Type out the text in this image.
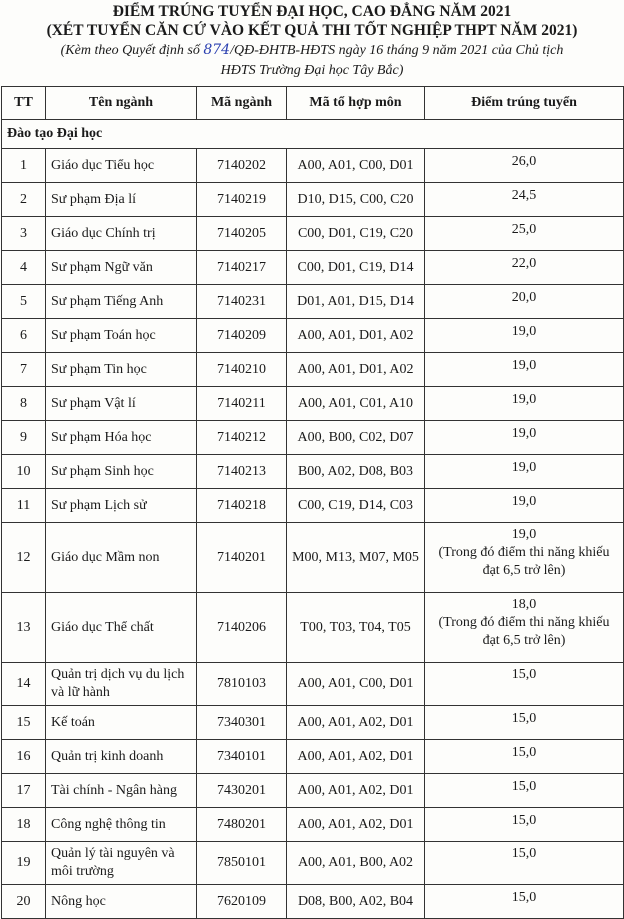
ĐIỂM TRÚNG TUYỂN ĐẠI HỌC, CAO ĐẲNG NĂM 2021
(XÉT TUYỂN CĂN CỨ VÀO KẾT QUẢ THI TỐT NGHIỆP THPT NĂM 2021)
(Kèm theo Quyết định số 874/QĐ-ĐHTB-HĐTS ngày 16 tháng 9 năm 2021 của Chủ tịch
HĐTS Trường Đại học Tây Bắc)
TT	Tên ngành	Mã ngành	Mã tổ hợp môn	Điểm trúng tuyển
Đào tạo Đại học				
1	Giáo dục Tiểu học	7140202	A00, A01, C00, D01	26,0
2	Sư phạm Địa lí	7140219	D10, D15, C00, C20	24,5
3	Giáo dục Chính trị	7140205	C00, D01, C19, C20	25,0
4	Sư phạm Ngữ văn	7140217	C00, D01, C19, D14	22,0
5	Sư phạm Tiếng Anh	7140231	D01, A01, D15, D14	20,0
6	Sư phạm Toán học	7140209	A00, A01, D01, A02	19,0
7	Sư phạm Tin học	7140210	A00, A01, D01, A02	19,0
8	Sư phạm Vật lí	7140211	A00, A01, C01, A10	19,0
9	Sư phạm Hóa học	7140212	A00, B00, C02, D07	19,0
10	Sư phạm Sinh học	7140213	B00, A02, D08, B03	19,0
11	Sư phạm Lịch sử	7140218	C00, C19, D14, C03	19,0
12	Giáo dục Mầm non	7140201	M00, M13, M07, M05	19,0
(Trong đó điểm thi năng khiếu đạt 6,5 trở lên)

13	Giáo dục Thể chất	7140206	T00, T03, T04, T05	18,0
(Trong đó điểm thi năng khiếu đạt 6,5 trở lên)

14	Quản trị dịch vụ du lịch và lữ hành	7810103	A00, A01, C00, D01	15,0
15	Kế toán	7340301	A00, A01, A02, D01	15,0
16	Quản trị kinh doanh	7340101	A00, A01, A02, D01	15,0
17	Tài chính - Ngân hàng	7430201	A00, A01, A02, D01	15,0
18	Công nghệ thông tin	7480201	A00, A01, A02, D01	15,0
19	Quản lý tài nguyên và môi trường	7850101	A00, A01, B00, A02	15,0
20	Nông học	7620109	D08, B00, A02, B04	15,0
